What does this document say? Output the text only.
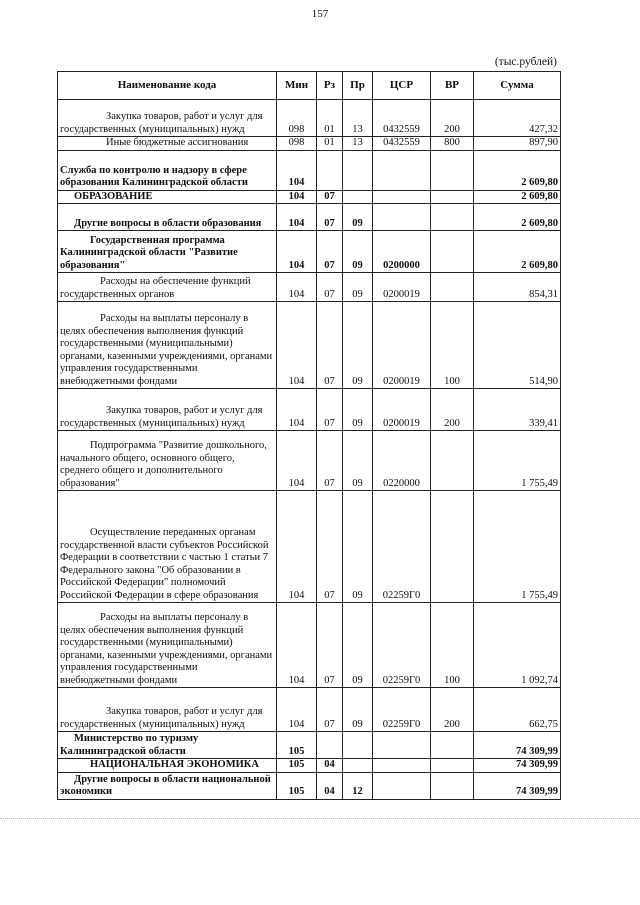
157
(тыс.рублей)
Наименование кода	Мин	Рз	Пр	ЦСР	ВР	Сумма
Закупка товаров, работ и услуг для государственных (муниципальных) нужд	098	01	13	0432559	200	427,32
Иные бюджетные ассигнования	098	01	13	0432559	800	897,90
Служба по контролю и надзору в сфере образования Калининградской области	104					2 609,80
ОБРАЗОВАНИЕ	104	07				2 609,80
Другие вопросы в области образования	104	07	09			2 609,80
Государственная программа Калининградской области "Развитие образования"	104	07	09	0200000		2 609,80
Расходы на обеспечение функций государственных органов	104	07	09	0200019		854,31
Расходы на выплаты персоналу в целях обеспечения выполнения функций государственными (муниципальными) органами, казенными учреждениями, органами управления государственными внебюджетными фондами	104	07	09	0200019	100	514,90
Закупка товаров, работ и услуг для государственных (муниципальных) нужд	104	07	09	0200019	200	339,41
Подпрограмма "Развитие дошкольного, начального общего, основного общего, среднего общего и дополнительного образования"	104	07	09	0220000		1 755,49
Осуществление переданных органам государственной власти субъектов Российской Федерации в соответствии с частью 1 статьи 7 Федерального закона "Об образовании в Российской Федерации" полномочий Российской Федерации в сфере образования	104	07	09	02259Г0		1 755,49
Расходы на выплаты персоналу в целях обеспечения выполнения функций государственными (муниципальными) органами, казенными учреждениями, органами управления государственными внебюджетными фондами	104	07	09	02259Г0	100	1 092,74
Закупка товаров, работ и услуг для государственных (муниципальных) нужд	104	07	09	02259Г0	200	662,75
Министерство по туризму Калининградской области	105					74 309,99
НАЦИОНАЛЬНАЯ ЭКОНОМИКА	105	04				74 309,99
Другие вопросы в области национальной экономики	105	04	12			74 309,99
